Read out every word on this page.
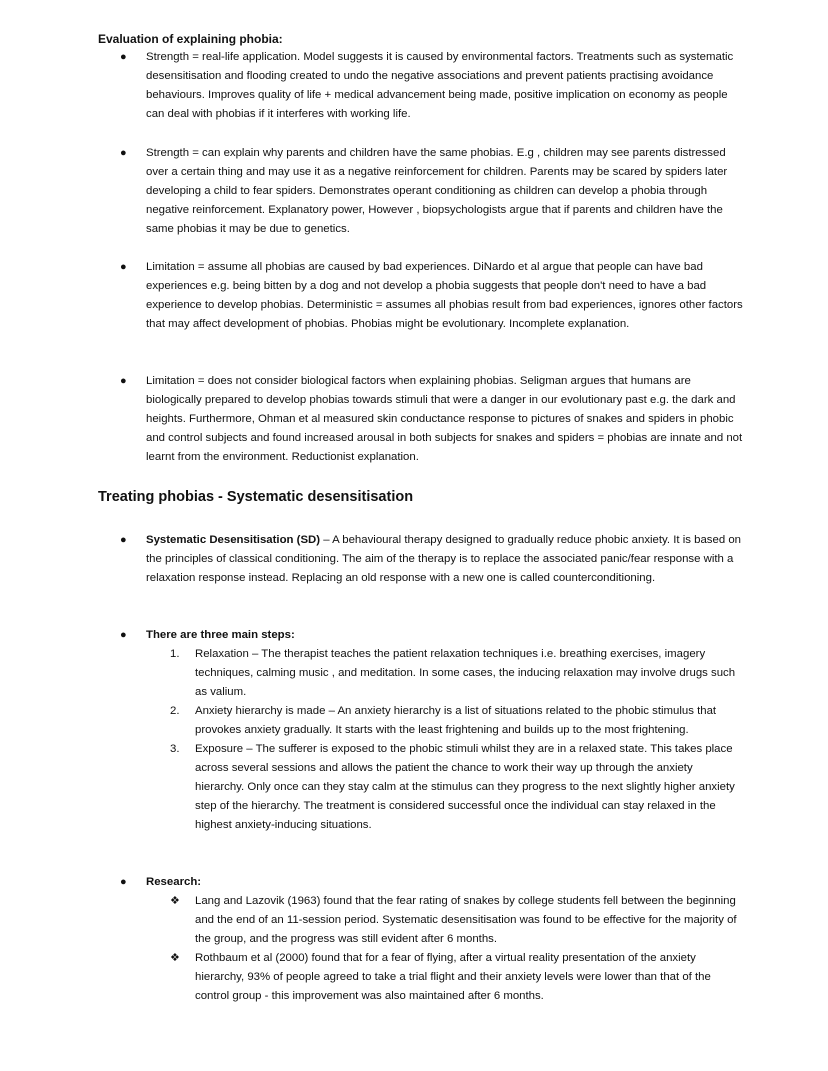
Evaluation of explaining phobia:
● Strength = real-life application. Model suggests it is caused by environmental factors. Treatments such as systematic desensitisation and flooding created to undo the negative associations and prevent patients practising avoidance behaviours. Improves quality of life + medical advancement being made, positive implication on economy as people can deal with phobias if it interferes with working life.

● Strength = can explain why parents and children have the same phobias. E.g , children may see parents distressed over a certain thing and may use it as a negative reinforcement for children. Parents may be scared by spiders later developing a child to fear spiders. Demonstrates operant conditioning as children can develop a phobia through negative reinforcement. Explanatory power, However , biopsychologists argue that if parents and children have the same phobias it may be due to genetics.

● Limitation = assume all phobias are caused by bad experiences. DiNardo et al argue that people can have bad experiences e.g. being bitten by a dog and not develop a phobia suggests that people don't need to have a bad experience to develop phobias. Deterministic = assumes all phobias result from bad experiences, ignores other factors that may affect development of phobias. Phobias might be evolutionary. Incomplete explanation.

● Limitation = does not consider biological factors when explaining phobias. Seligman argues that humans are biologically prepared to develop phobias towards stimuli that were a danger in our evolutionary past e.g. the dark and heights. Furthermore, Ohman et al measured skin conductance response to pictures of snakes and spiders in phobic and control subjects and found increased arousal in both subjects for snakes and spiders = phobias are innate and not learnt from the environment. Reductionist explanation.

Treating phobias - Systematic desensitisation
● Systematic Desensitisation (SD) – A behavioural therapy designed to gradually reduce phobic anxiety. It is based on the principles of classical conditioning. The aim of the therapy is to replace the associated panic/fear response with a relaxation response instead. Replacing an old response with a new one is called counterconditioning.

● There are three main steps:

1. Relaxation – The therapist teaches the patient relaxation techniques i.e. breathing exercises, imagery techniques, calming music , and meditation. In some cases, the inducing relaxation may involve drugs such as valium.
2. Anxiety hierarchy is made – An anxiety hierarchy is a list of situations related to the phobic stimulus that provokes anxiety gradually. It starts with the least frightening and builds up to the most frightening.
3. Exposure – The sufferer is exposed to the phobic stimuli whilst they are in a relaxed state. This takes place across several sessions and allows the patient the chance to work their way up through the anxiety hierarchy. Only once can they stay calm at the stimulus can they progress to the next slightly higher anxiety step of the hierarchy. The treatment is considered successful once the individual can stay relaxed in the highest anxiety-inducing situations.
● Research:

❖ Lang and Lazovik (1963) found that the fear rating of snakes by college students fell between the beginning and the end of an 11-session period. Systematic desensitisation was found to be effective for the majority of the group, and the progress was still evident after 6 months.
❖ Rothbaum et al (2000) found that for a fear of flying, after a virtual reality presentation of the anxiety hierarchy, 93% of people agreed to take a trial flight and their anxiety levels were lower than that of the control group - this improvement was also maintained after 6 months.
